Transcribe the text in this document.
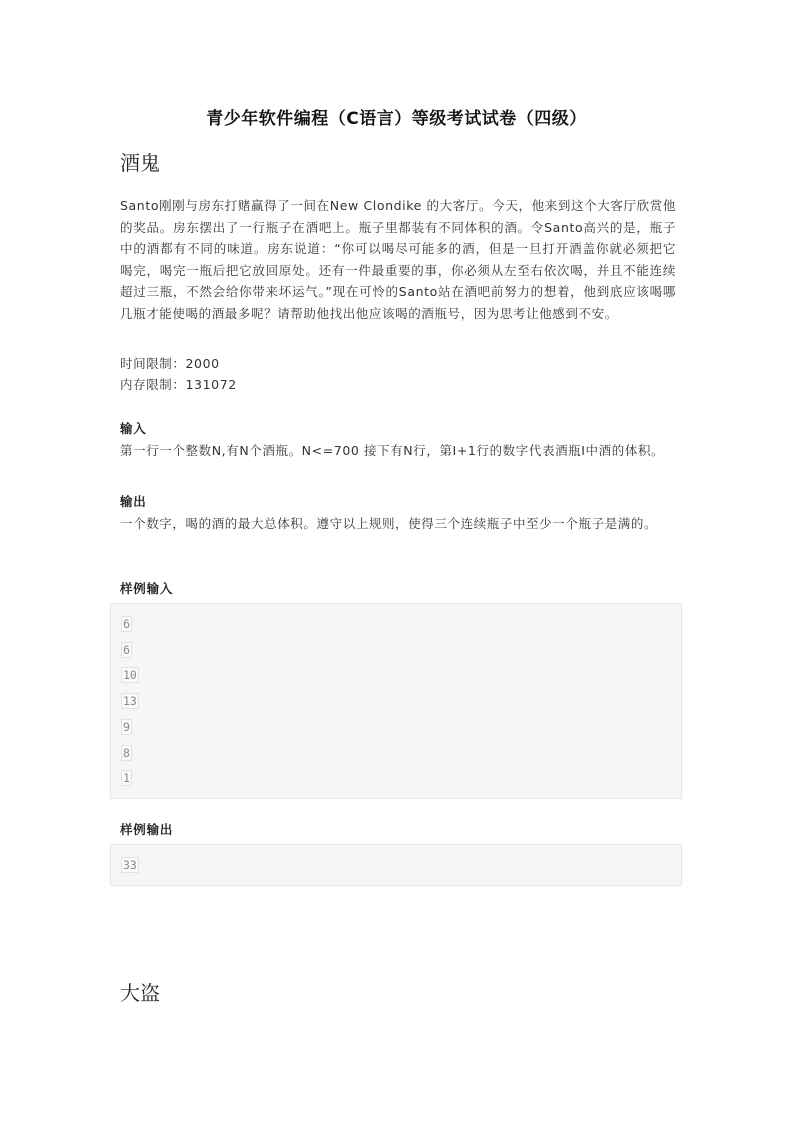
青少年软件编程（C语言）等级考试试卷（四级）
酒鬼

Santo刚刚与房东打赌赢得了一间在New Clondike 的大客厅。今天，他来到这个大客厅欣赏他的奖品。房东摆出了一行瓶子在酒吧上。瓶子里都装有不同体积的酒。令Santo高兴的是，瓶子中的酒都有不同的味道。房东说道：“你可以喝尽可能多的酒，但是一旦打开酒盖你就必须把它喝完，喝完一瓶后把它放回原处。还有一件最重要的事，你必须从左至右依次喝，并且不能连续超过三瓶，不然会给你带来坏运气。”现在可怜的Santo站在酒吧前努力的想着，他到底应该喝哪几瓶才能使喝的酒最多呢？请帮助他找出他应该喝的酒瓶号，因为思考让他感到不安。

时间限制：2000
内存限制：131072
输入

第一行一个整数N,有N个酒瓶。N<=700 接下有N行，第I+1行的数字代表酒瓶I中酒的体积。

输出

一个数字，喝的酒的最大总体积。遵守以上规则，使得三个连续瓶子中至少一个瓶子是满的。

样例输入
6
6
10
13
9
8
1
样例输出
33
大盗
